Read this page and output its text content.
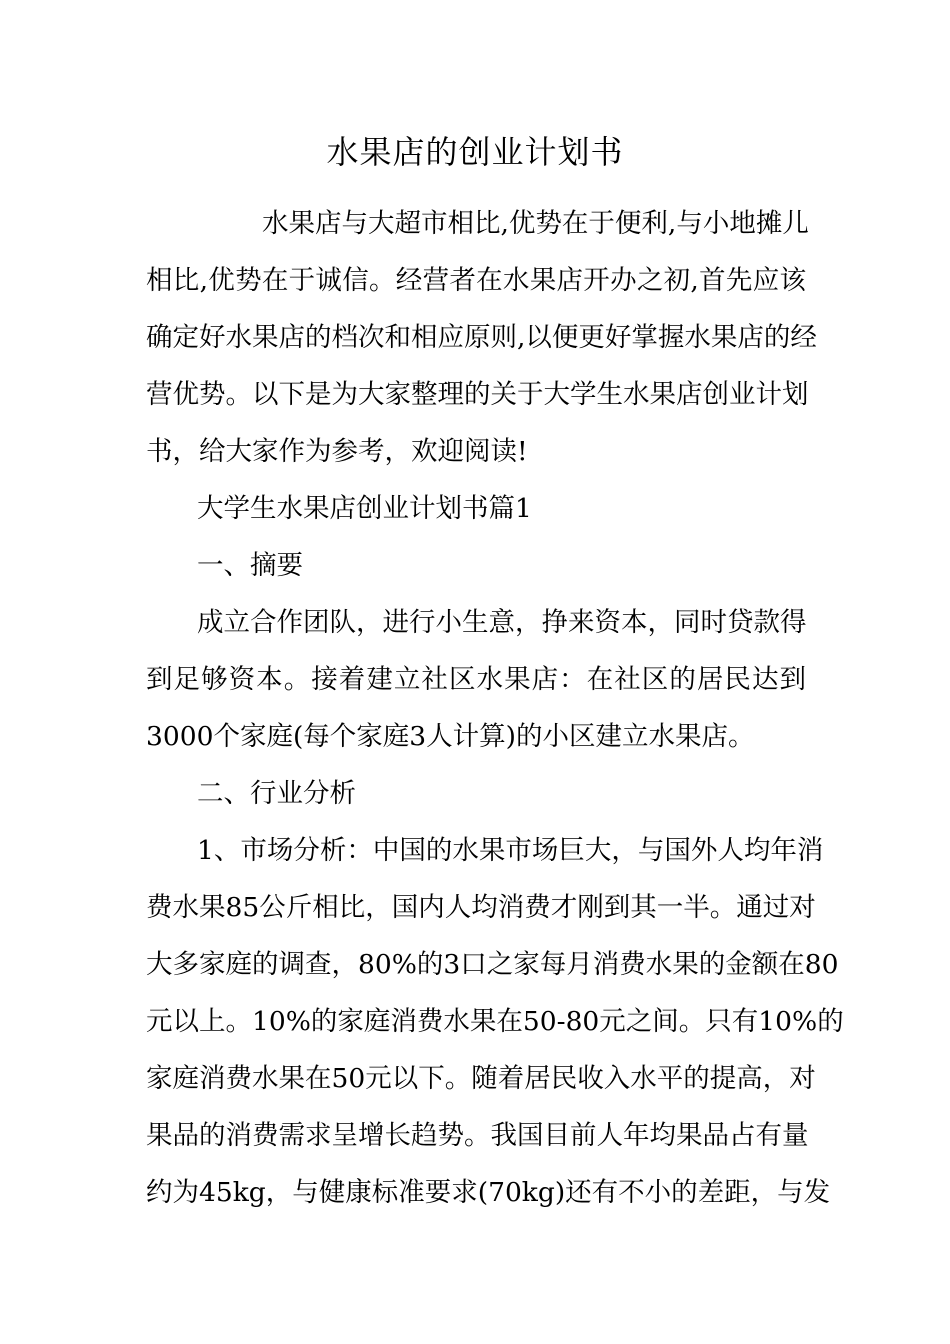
水果店的创业计划书
水果店与大超市相比,优势在于便利,与小地摊儿
相比,优势在于诚信。经营者在水果店开办之初,首先应该
确定好水果店的档次和相应原则,以便更好掌握水果店的经
营优势。以下是为大家整理的关于大学生水果店创业计划
书，给大家作为参考，欢迎阅读!
大学生水果店创业计划书篇1
一、摘要
成立合作团队，进行小生意，挣来资本，同时贷款得
到足够资本。接着建立社区水果店：在社区的居民达到
3000个家庭(每个家庭3人计算)的小区建立水果店。
二、行业分析
1、市场分析：中国的水果市场巨大，与国外人均年消
费水果85公斤相比，国内人均消费才刚到其一半。通过对
大多家庭的调查，80%的3口之家每月消费水果的金额在80
元以上。10%的家庭消费水果在50-80元之间。只有10%的
家庭消费水果在50元以下。随着居民收入水平的提高，对
果品的消费需求呈增长趋势。我国目前人年均果品占有量
约为45kg，与健康标准要求(70kg)还有不小的差距，与发
